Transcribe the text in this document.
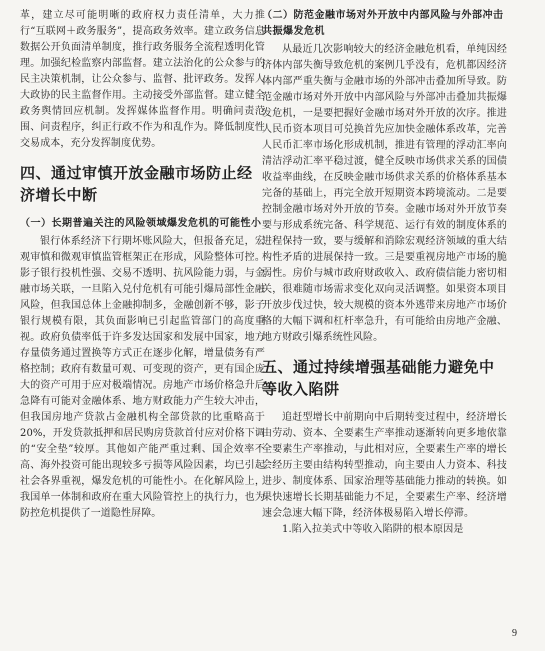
革，建立尽可能明晰的政府权力责任清单，大力推行“互联网＋政务服务”，提高政务效率。建立政务信息数据公开负面清单制度，推行政务服务全流程透明化管理。加强纪检监察内部监督。建立法治化的公众参与的民主决策机制，让公众参与、监督、批评政务。发挥人大政协的民主监督作用。主动接受外部监督。建立健全政务舆情回应机制。发挥媒体监督作用。明确问责范围、问责程序，纠正行政不作为和乱作为。降低制度性交易成本，充分发挥制度优势。

四、通过审慎开放金融市场防止经济增长中断
（一）长期普遍关注的风险领域爆发危机的可能性小

银行体系经济下行期坏账风险大，但报备充足，宏观审慎和微观审慎监管框架正在形成，风险整体可控。影子银行投机性强、交易不透明、抗风险能力弱，与金融市场关联，一旦陷入兑付危机有可能引爆局部性金融风险，但我国总体上金融抑制多，金融创新不够，影子银行规模有限，其负面影响已引起监管部门的高度重视。政府负债率低于许多发达国家和发展中国家，地方存量债务通过置换等方式正在逐步化解，增量债务有严格控制；政府有数量可观、可变现的资产，更有国企庞大的资产可用于应对极端情况。房地产市场价格急升后急降有可能对金融体系、地方财政能力产生较大冲击，但我国房地产贷款占金融机构全部贷款的比重略高于20%，开发贷款抵押和居民购房贷款首付应对价格下调的“安全垫”较厚。其他如产能严重过剩、国企效率不高、海外投资可能出现较多亏损等风险因素，均已引起社会各界重视，爆发危机的可能性小。在化解风险上，我国单一体制和政府在重大风险管控上的执行力，也为防控危机提供了一道隐性屏障。

（二）防范金融市场对外开放中内部风险与外部冲击共振爆发危机

从最近几次影响较大的经济金融危机看，单纯因经济体内部失衡导致危机的案例几乎没有，危机都因经济体内部严重失衡与金融市场的外部冲击叠加所导致。防范金融市场对外开放中内部风险与外部冲击叠加共振爆发危机，一是要把握好金融市场对外开放的次序。推进人民币资本项目可兑换首先应加快金融体系改革，完善人民币汇率市场化形成机制，推进有管理的浮动汇率向清洁浮动汇率平稳过渡，健全反映市场供求关系的国债收益率曲线，在反映金融市场供求关系的价格体系基本完备的基础上，再完全放开短期资本跨境流动。二是要控制金融市场对外开放的节奏。金融市场对外开放节奏要与形成系统完备、科学规范、运行有效的制度体系的进程保持一致，要与缓解和消除宏观经济领域的重大结构性矛盾的进展保持一致。三是要重视房地产市场的脆弱性。房价与城市政府财政收入、政府债信能力密切相关，很难随市场需求变化双向灵活调整。如果资本项目开放步伐过快，较大规模的资本外逃带来房地产市场价格的大幅下调和杠杆率急升，有可能给由房地产金融、地方财政引爆系统性风险。

五、通过持续增强基础能力避免中等收入陷阱

追赶型增长中前期向中后期转变过程中，经济增长由劳动、资本、全要素生产率推动逐渐转向更多地依靠全要素生产率推动，与此相对应，全要素生产率的增长会经历主要由结构转型推动，向主要由人力资本、科技进步、制度体系、国家治理等基础能力推动的转换。如果快速增长长期基础能力不足，全要素生产率、经济增速会急速大幅下降，经济体极易陷入增长停滞。

1.陷入拉美式中等收入陷阱的根本原因是

9
